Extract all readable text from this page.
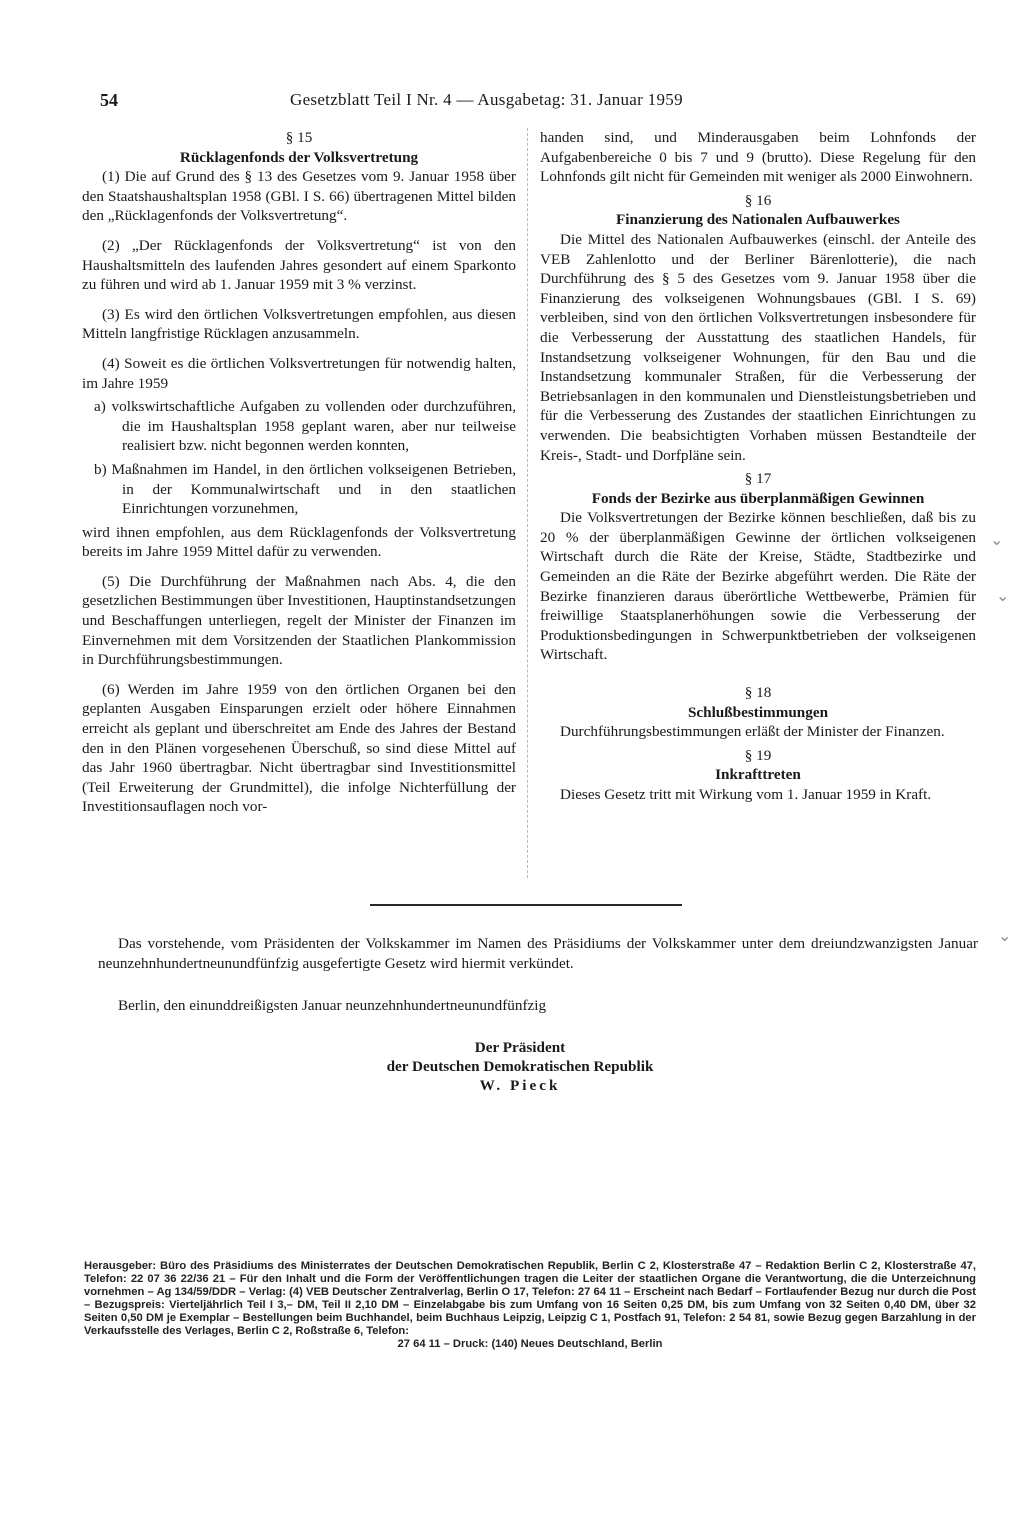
54	Gesetzblatt Teil I Nr. 4 — Ausgabetag: 31. Januar 1959

§ 15

Rücklagenfonds der Volksvertretung

(1) Die auf Grund des § 13 des Gesetzes vom 9. Januar 1958 über den Staatshaushaltsplan 1958 (GBl. I S. 66) übertragenen Mittel bilden den „Rücklagenfonds der Volksvertretung“.

(2) „Der Rücklagenfonds der Volksvertretung“ ist von den Haushaltsmitteln des laufenden Jahres gesondert auf einem Sparkonto zu führen und wird ab 1. Januar 1959 mit 3 % verzinst.

(3) Es wird den örtlichen Volksvertretungen empfohlen, aus diesen Mitteln langfristige Rücklagen anzusammeln.

(4) Soweit es die örtlichen Volksvertretungen für notwendig halten, im Jahre 1959

a) volkswirtschaftliche Aufgaben zu vollenden oder durchzuführen, die im Haushaltsplan 1958 geplant waren, aber nur teilweise realisiert bzw. nicht begonnen werden konnten,

b) Maßnahmen im Handel, in den örtlichen volkseigenen Betrieben, in der Kommunalwirtschaft und in den staatlichen Einrichtungen vorzunehmen,

wird ihnen empfohlen, aus dem Rücklagenfonds der Volksvertretung bereits im Jahre 1959 Mittel dafür zu verwenden.

(5) Die Durchführung der Maßnahmen nach Abs. 4, die den gesetzlichen Bestimmungen über Investitionen, Hauptinstandsetzungen und Beschaffungen unterliegen, regelt der Minister der Finanzen im Einvernehmen mit dem Vorsitzenden der Staatlichen Plankommission in Durchführungsbestimmungen.

(6) Werden im Jahre 1959 von den örtlichen Organen bei den geplanten Ausgaben Einsparungen erzielt oder höhere Einnahmen erreicht als geplant und überschreitet am Ende des Jahres der Bestand den in den Plänen vorgesehenen Überschuß, so sind diese Mittel auf das Jahr 1960 übertragbar. Nicht übertragbar sind Investitionsmittel (Teil Erweiterung der Grundmittel), die infolge Nichterfüllung der Investitionsauflagen noch vor-

handen sind, und Minderausgaben beim Lohnfonds der Aufgabenbereiche 0 bis 7 und 9 (brutto). Diese Regelung für den Lohnfonds gilt nicht für Gemeinden mit weniger als 2000 Einwohnern.

§ 16

Finanzierung des Nationalen Aufbauwerkes

Die Mittel des Nationalen Aufbauwerkes (einschl. der Anteile des VEB Zahlenlotto und der Berliner Bärenlotterie), die nach Durchführung des § 5 des Gesetzes vom 9. Januar 1958 über die Finanzierung des volkseigenen Wohnungsbaues (GBl. I S. 69) verbleiben, sind von den örtlichen Volksvertretungen insbesondere für die Verbesserung der Ausstattung des staatlichen Handels, für Instandsetzung volkseigener Wohnungen, für den Bau und die Instandsetzung kommunaler Straßen, für die Verbesserung der Betriebsanlagen in den kommunalen und Dienstleistungsbetrieben und für die Verbesserung des Zustandes der staatlichen Einrichtungen zu verwenden. Die beabsichtigten Vorhaben müssen Bestandteile der Kreis-, Stadt- und Dorfpläne sein.

§ 17

Fonds der Bezirke aus überplanmäßigen Gewinnen

Die Volksvertretungen der Bezirke können beschließen, daß bis zu 20 % der überplanmäßigen Gewinne der örtlichen volkseigenen Wirtschaft durch die Räte der Kreise, Städte, Stadtbezirke und Gemeinden an die Räte der Bezirke abgeführt werden. Die Räte der Bezirke finanzieren daraus überörtliche Wettbewerbe, Prämien für freiwillige Staatsplanerhöhungen sowie die Verbesserung der Produktionsbedingungen in Schwerpunktbetrieben der volkseigenen Wirtschaft.

§ 18

Schlußbestimmungen

Durchführungsbestimmungen erläßt der Minister der Finanzen.

§ 19

Inkrafttreten

Dieses Gesetz tritt mit Wirkung vom 1. Januar 1959 in Kraft.

Das vorstehende, vom Präsidenten der Volkskammer im Namen des Präsidiums der Volkskammer unter dem dreiundzwanzigsten Januar neunzehnhundertneunundfünfzig ausgefertigte Gesetz wird hiermit verkündet.
Berlin, den einunddreißigsten Januar neunzehnhundertneunundfünfzig
Der Präsident
der Deutschen Demokratischen Republik
W. Pieck
Herausgeber: Büro des Präsidiums des Ministerrates der Deutschen Demokratischen Republik, Berlin C 2, Klosterstraße 47 – Redaktion Berlin C 2, Klosterstraße 47, Telefon: 22 07 36 22/36 21 – Für den Inhalt und die Form der Veröffentlichungen tragen die Leiter der staatlichen Organe die Verantwortung, die die Unterzeichnung vornehmen – Ag 134/59/DDR – Verlag: (4) VEB Deutscher Zentralverlag, Berlin O 17, Telefon: 27 64 11 – Erscheint nach Bedarf – Fortlaufender Bezug nur durch die Post – Bezugspreis: Vierteljährlich Teil I 3,– DM, Teil II 2,10 DM – Einzelabgabe bis zum Umfang von 16 Seiten 0,25 DM, bis zum Umfang von 32 Seiten 0,40 DM, über 32 Seiten 0,50 DM je Exemplar – Bestellungen beim Buchhandel, beim Buchhaus Leipzig, Leipzig C 1, Postfach 91, Telefon: 2 54 81, sowie Bezug gegen Barzahlung in der Verkaufsstelle des Verlages, Berlin C 2, Roßstraße 6, Telefon:
27 64 11 – Druck: (140) Neues Deutschland, Berlin
⌄
⌄
⌄
